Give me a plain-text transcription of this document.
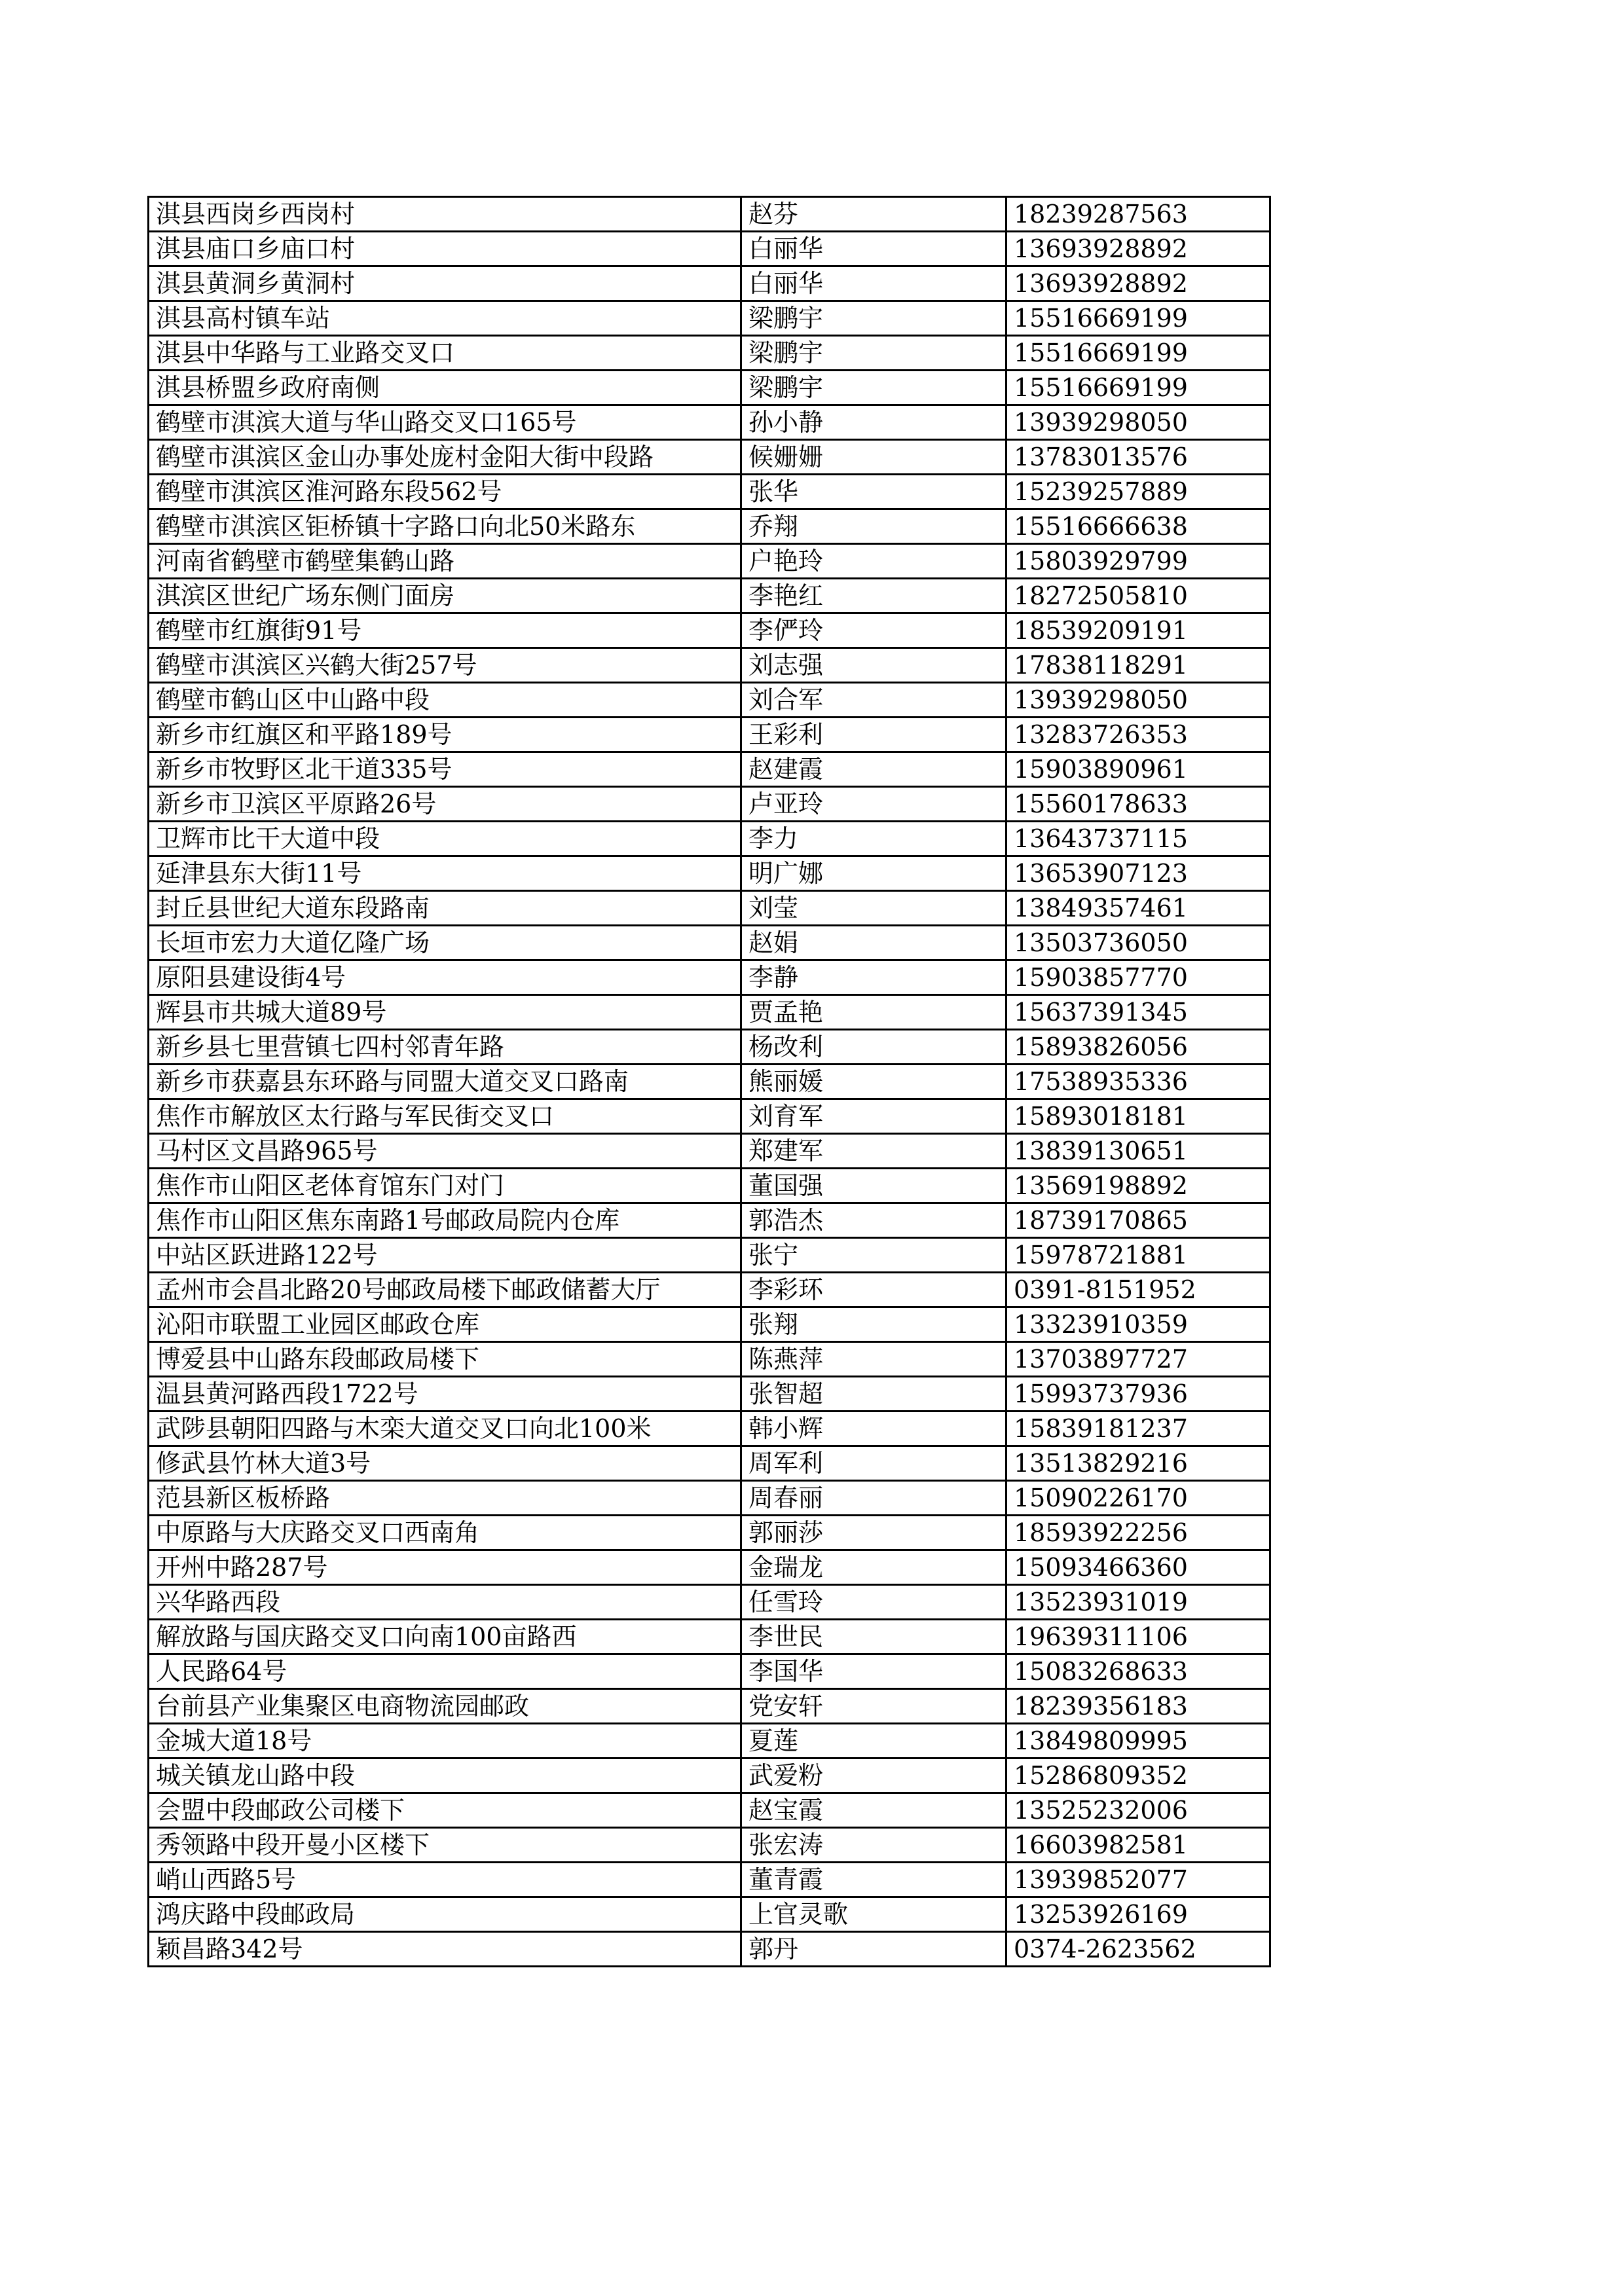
淇县西岗乡西岗村	赵芬	18239287563
淇县庙口乡庙口村	白丽华	13693928892
淇县黄洞乡黄洞村	白丽华	13693928892
淇县高村镇车站	梁鹏宇	15516669199
淇县中华路与工业路交叉口	梁鹏宇	15516669199
淇县桥盟乡政府南侧	梁鹏宇	15516669199
鹤壁市淇滨大道与华山路交叉口165号	孙小静	13939298050
鹤壁市淇滨区金山办事处庞村金阳大街中段路	候姗姗	13783013576
鹤壁市淇滨区淮河路东段562号	张华	15239257889
鹤壁市淇滨区钜桥镇十字路口向北50米路东	乔翔	15516666638
河南省鹤壁市鹤壁集鹤山路	户艳玲	15803929799
淇滨区世纪广场东侧门面房	李艳红	18272505810
鹤壁市红旗街91号	李俨玲	18539209191
鹤壁市淇滨区兴鹤大街257号	刘志强	17838118291
鹤壁市鹤山区中山路中段	刘合军	13939298050
新乡市红旗区和平路189号	王彩利	13283726353
新乡市牧野区北干道335号	赵建霞	15903890961
新乡市卫滨区平原路26号	卢亚玲	15560178633
卫辉市比干大道中段	李力	13643737115
延津县东大街11号	明广娜	13653907123
封丘县世纪大道东段路南	刘莹	13849357461
长垣市宏力大道亿隆广场	赵娟	13503736050
原阳县建设街4号	李静	15903857770
辉县市共城大道89号	贾孟艳	15637391345
新乡县七里营镇七四村邻青年路	杨改利	15893826056
新乡市获嘉县东环路与同盟大道交叉口路南	熊丽媛	17538935336
焦作市解放区太行路与军民街交叉口	刘育军	15893018181
马村区文昌路965号	郑建军	13839130651
焦作市山阳区老体育馆东门对门	董国强	13569198892
焦作市山阳区焦东南路1号邮政局院内仓库	郭浩杰	18739170865
中站区跃进路122号	张宁	15978721881
孟州市会昌北路20号邮政局楼下邮政储蓄大厅	李彩环	0391-8151952
沁阳市联盟工业园区邮政仓库	张翔	13323910359
博爱县中山路东段邮政局楼下	陈燕萍	13703897727
温县黄河路西段1722号	张智超	15993737936
武陟县朝阳四路与木栾大道交叉口向北100米	韩小辉	15839181237
修武县竹林大道3号	周军利	13513829216
范县新区板桥路	周春丽	15090226170
中原路与大庆路交叉口西南角	郭丽莎	18593922256
开州中路287号	金瑞龙	15093466360
兴华路西段	任雪玲	13523931019
解放路与国庆路交叉口向南100亩路西	李世民	19639311106
人民路64号	李国华	15083268633
台前县产业集聚区电商物流园邮政	党安轩	18239356183
金城大道18号	夏莲	13849809995
城关镇龙山路中段	武爱粉	15286809352
会盟中段邮政公司楼下	赵宝霞	13525232006
秀领路中段开曼小区楼下	张宏涛	16603982581
峭山西路5号	董青霞	13939852077
鸿庆路中段邮政局	上官灵歌	13253926169
颖昌路342号	郭丹	0374-2623562
